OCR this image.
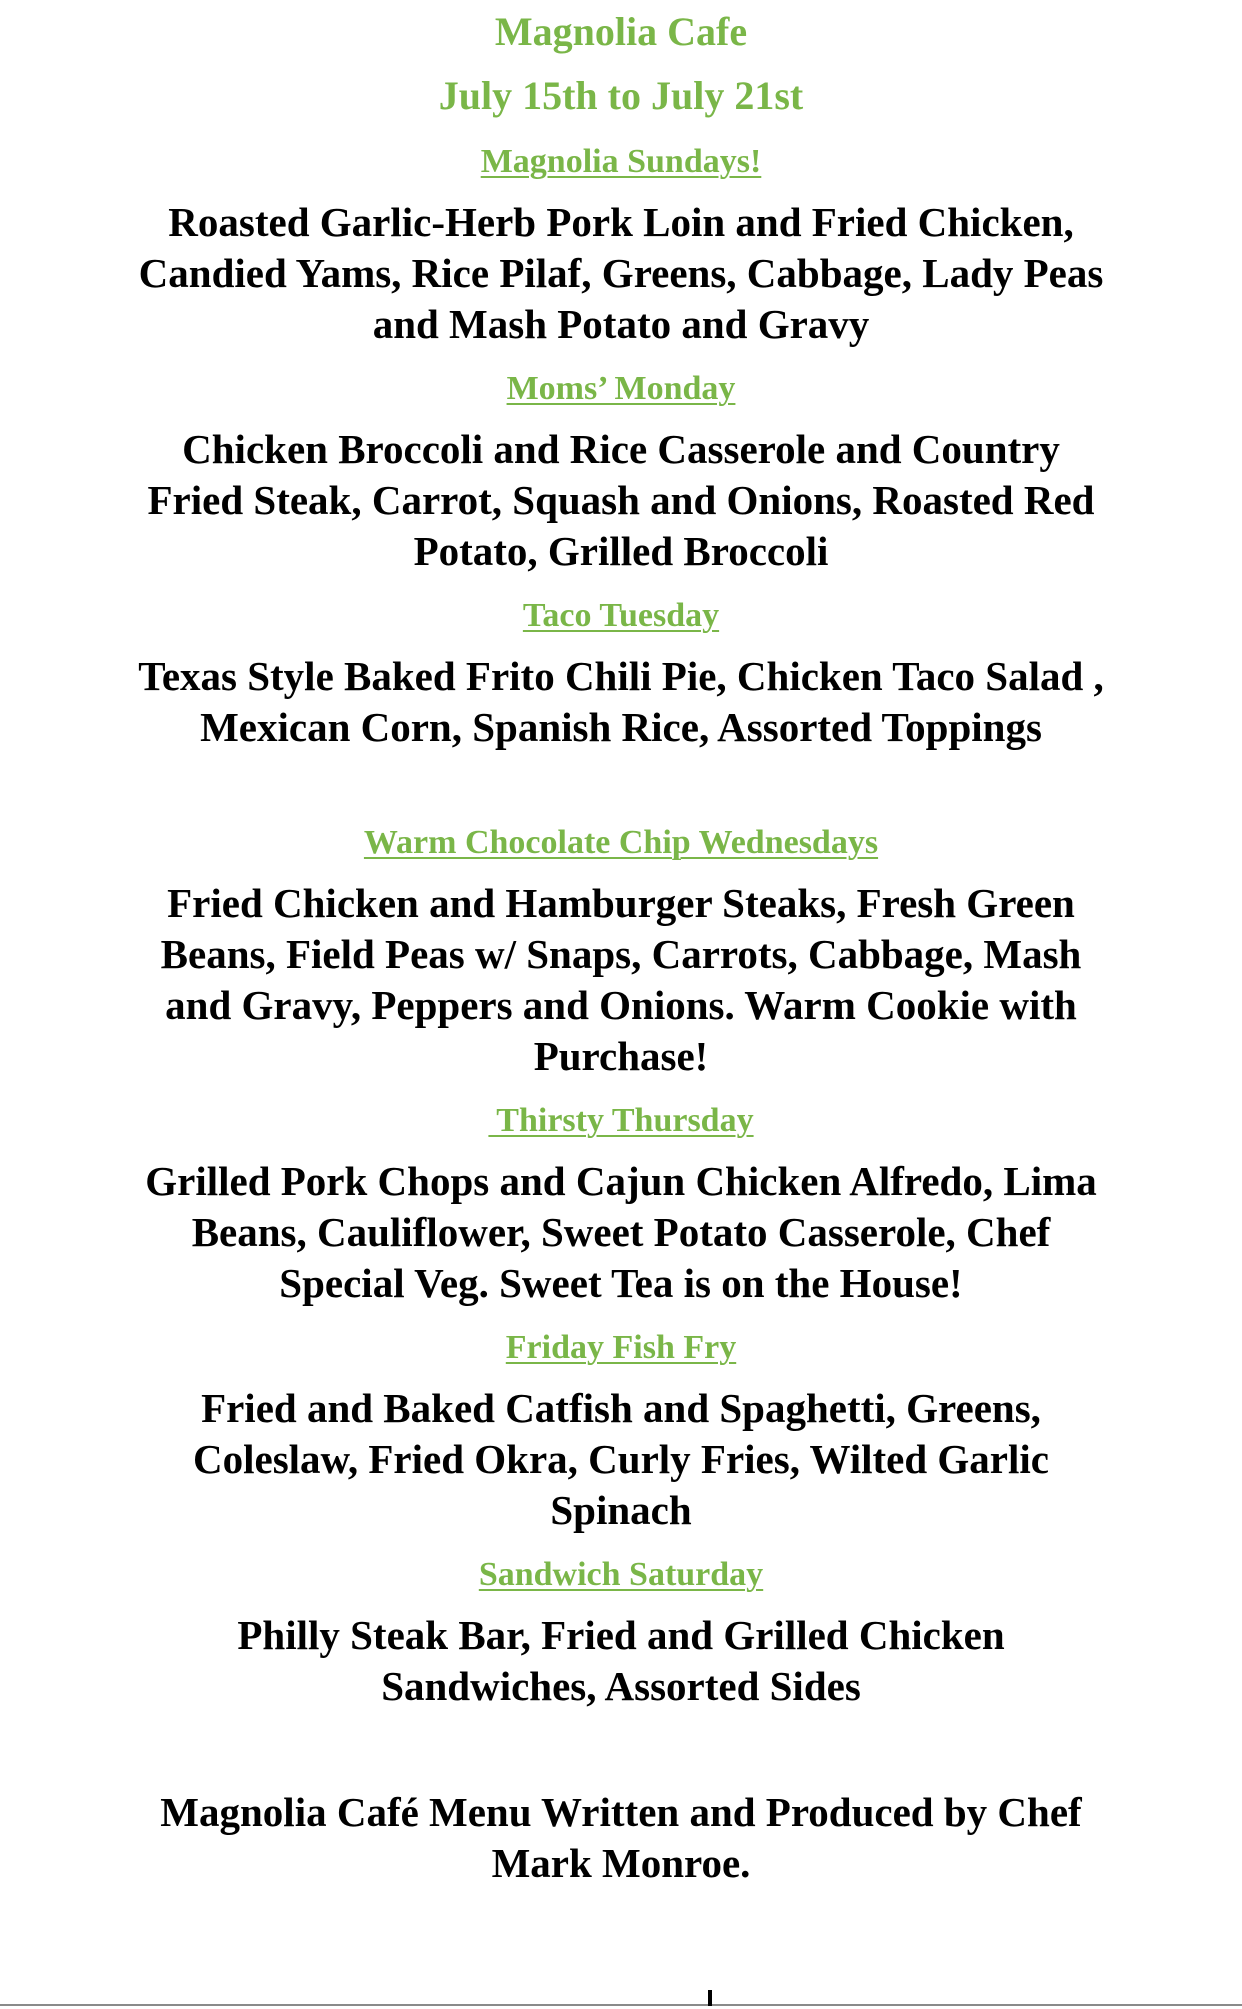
Magnolia Cafe
July 15th to July 21st
Magnolia Sundays!

Roasted Garlic-Herb Pork Loin and Fried Chicken, Candied Yams, Rice Pilaf, Greens, Cabbage, Lady Peas and Mash Potato and Gravy

Moms’ Monday

Chicken Broccoli and Rice Casserole and Country Fried Steak, Carrot, Squash and Onions, Roasted Red Potato, Grilled Broccoli

Taco Tuesday

Texas Style Baked Frito Chili Pie, Chicken Taco Salad , Mexican Corn, Spanish Rice, Assorted Toppings

Warm Chocolate Chip Wednesdays

Fried Chicken and Hamburger Steaks, Fresh Green Beans, Field Peas w/ Snaps, Carrots, Cabbage, Mash and Gravy, Peppers and Onions. Warm Cookie with Purchase!

Thirsty Thursday

Grilled Pork Chops and Cajun Chicken Alfredo, Lima Beans, Cauliflower, Sweet Potato Casserole, Chef Special Veg. Sweet Tea is on the House!

Friday Fish Fry

Fried and Baked Catfish and Spaghetti, Greens, Coleslaw, Fried Okra, Curly Fries, Wilted Garlic Spinach

Sandwich Saturday

Philly Steak Bar, Fried and Grilled Chicken Sandwiches, Assorted Sides

Magnolia Café Menu Written and Produced by Chef Mark Monroe.
